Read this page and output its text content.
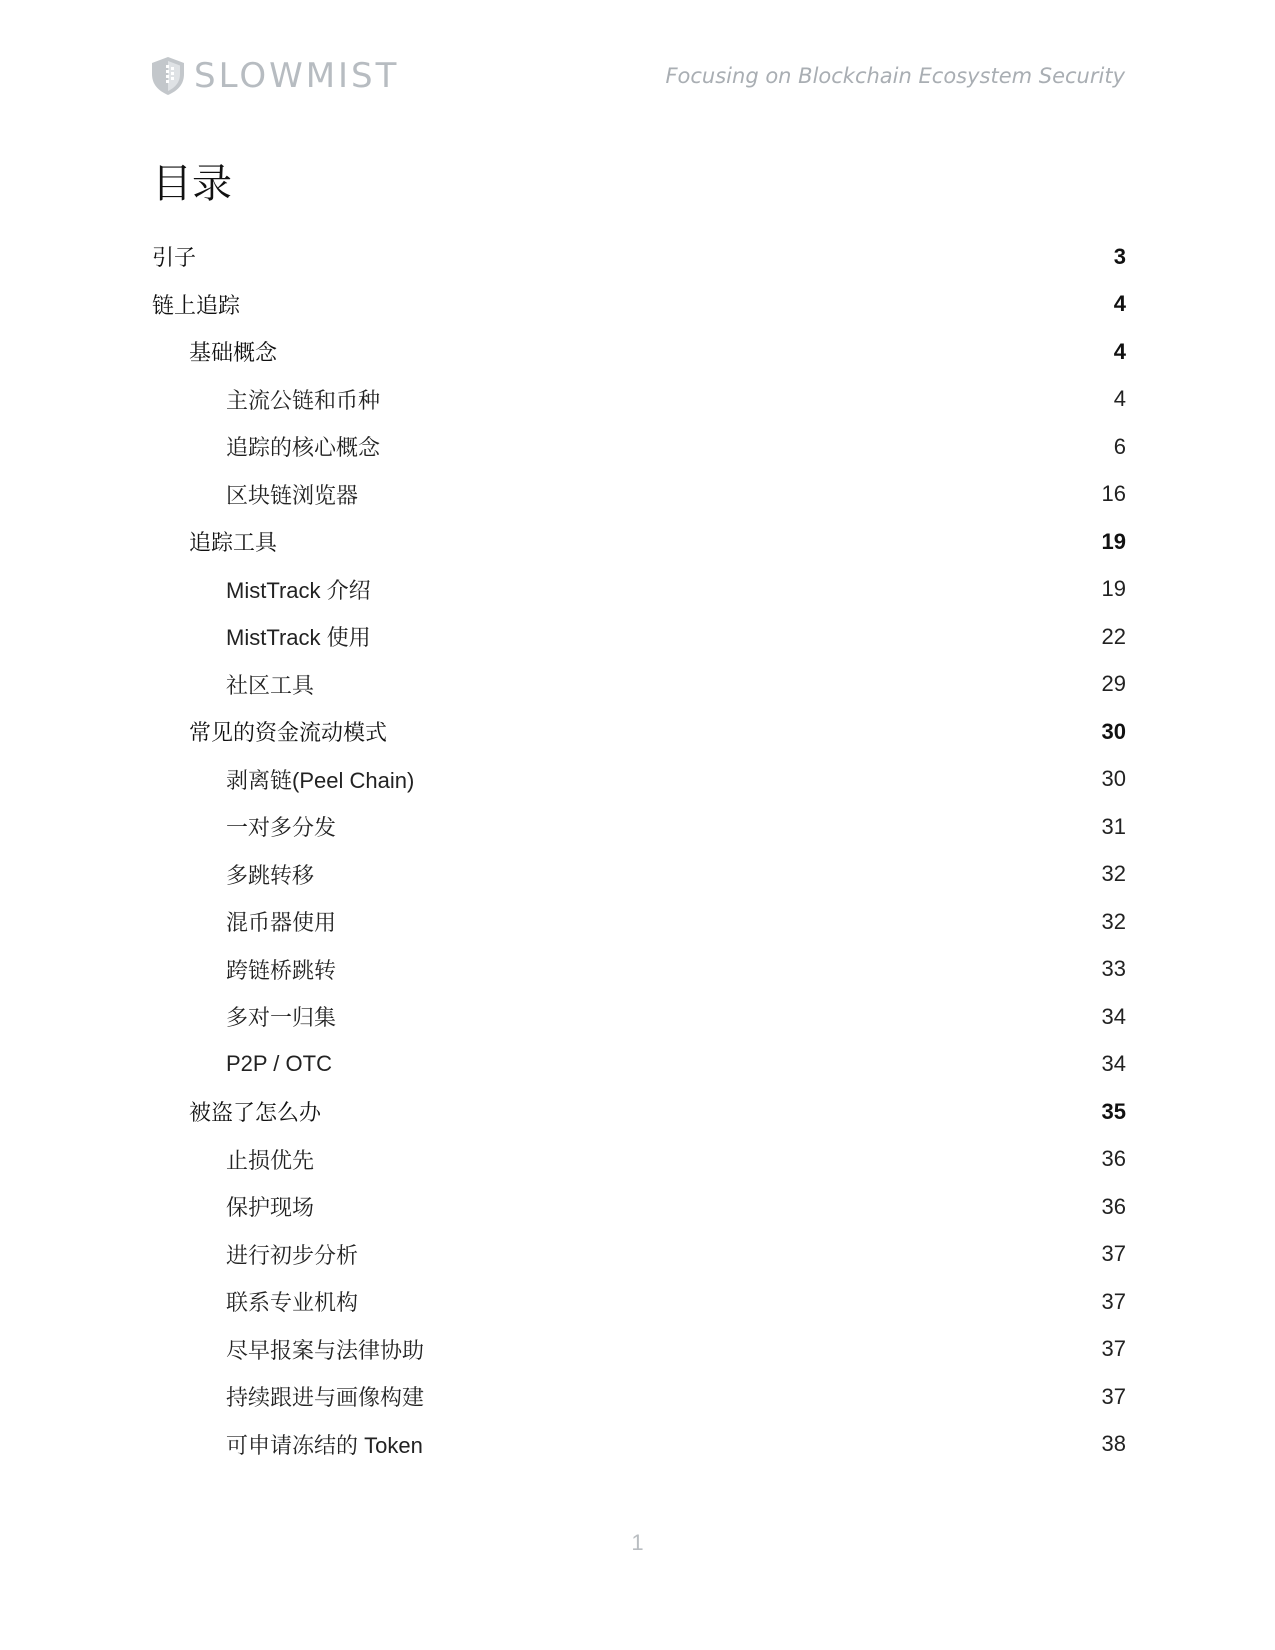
SLOWMIST	Focusing on Blockchain Ecosystem Security
目录
引子	3
链上追踪	4
基础概念	4
主流公链和币种	4
追踪的核心概念	6
区块链浏览器	16
追踪工具	19
MistTrack 介绍	19
MistTrack 使用	22
社区工具	29
常见的资金流动模式	30
剥离链(Peel Chain)	30
一对多分发	31
多跳转移	32
混币器使用	32
跨链桥跳转	33
多对一归集	34
P2P / OTC	34
被盗了怎么办	35
止损优先	36
保护现场	36
进行初步分析	37
联系专业机构	37
尽早报案与法律协助	37
持续跟进与画像构建	37
可申请冻结的 Token	38
1
